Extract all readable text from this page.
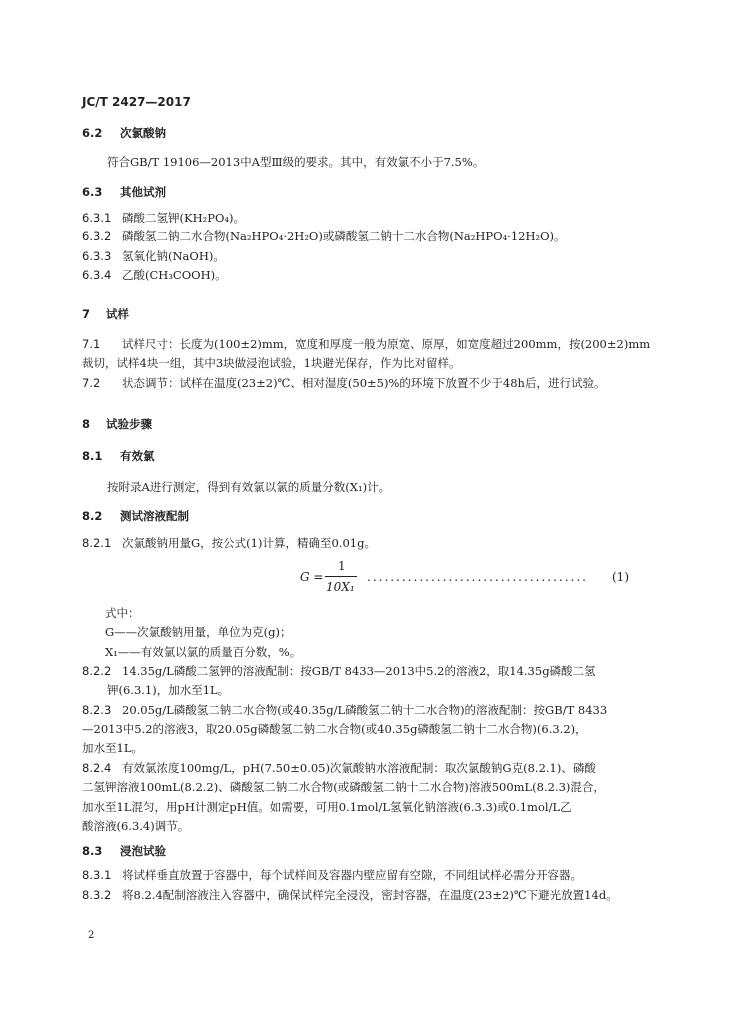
JC/T 2427—2017
6.2 次氯酸钠
符合GB/T 19106—2013中A型Ⅲ级的要求。其中，有效氯不小于7.5%。
6.3 其他试剂
6.3.1 磷酸二氢钾(KH₂PO₄)。
6.3.2 磷酸氢二钠二水合物(Na₂HPO₄·2H₂O)或磷酸氢二钠十二水合物(Na₂HPO₄·12H₂O)。
6.3.3 氢氧化钠(NaOH)。
6.3.4 乙酸(CH₃COOH)。
7 试样
7.1 试样尺寸：长度为(100±2)mm，宽度和厚度一般为原宽、原厚，如宽度超过200mm，按(200±2)mm
裁切，试样4块一组，其中3块做浸泡试验，1块避光保存，作为比对留样。
7.2 状态调节：试样在温度(23±2)℃、相对湿度(50±5)%的环境下放置不少于48h后，进行试验。
8 试验步骤
8.1 有效氯
按附录A进行测定，得到有效氯以氯的质量分数(X₁)计。
8.2 测试溶液配制
8.2.1 次氯酸钠用量G，按公式(1)计算，精确至0.01g。
式中：
G——次氯酸钠用量，单位为克(g)；
X₁——有效氯以氯的质量百分数，%。
8.2.2 14.35g/L磷酸二氢钾的溶液配制：按GB/T 8433—2013中5.2的溶液2，取14.35g磷酸二氢
钾(6.3.1)，加水至1L。
8.2.3 20.05g/L磷酸氢二钠二水合物(或40.35g/L磷酸氢二钠十二水合物)的溶液配制：按GB/T 8433
—2013中5.2的溶液3，取20.05g磷酸氢二钠二水合物(或40.35g磷酸氢二钠十二水合物)(6.3.2)，
加水至1L。
8.2.4 有效氯浓度100mg/L，pH(7.50±0.05)次氯酸钠水溶液配制：取次氯酸钠G克(8.2.1)、磷酸
二氢钾溶液100mL(8.2.2)、磷酸氢二钠二水合物(或磷酸氢二钠十二水合物)溶液500mL(8.2.3)混合，
加水至1L混匀，用pH计测定pH值。如需要，可用0.1mol/L氢氧化钠溶液(6.3.3)或0.1mol/L乙
酸溶液(6.3.4)调节。
8.3 浸泡试验
8.3.1 将试样垂直放置于容器中，每个试样间及容器内壁应留有空隙，不同组试样必需分开容器。
8.3.2 将8.2.4配制溶液注入容器中，确保试样完全浸没，密封容器，在温度(23±2)℃下避光放置14d。
G =
1
10X₁
...................................... (1)
2
